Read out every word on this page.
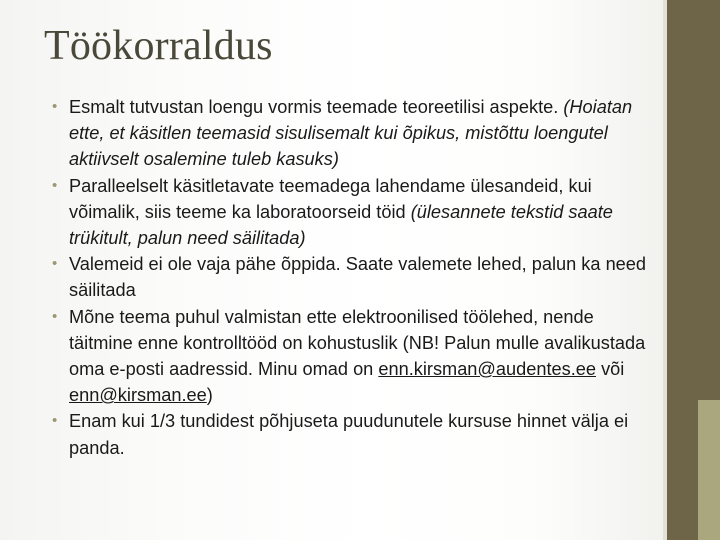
Töökorraldus
• Esmalt tutvustan loengu vormis teemade teoreetilisi aspekte. (Hoiatan ette, et käsitlen teemasid sisulisemalt kui õpikus, mistõttu loengutel aktiivselt osalemine tuleb kasuks)
• Paralleelselt käsitletavate teemadega lahendame ülesandeid, kui võimalik, siis teeme ka laboratoorseid töid (ülesannete tekstid saate trükitult, palun need säilitada)
• Valemeid ei ole vaja pähe õppida. Saate valemete lehed, palun ka need säilitada
• Mõne teema puhul valmistan ette elektroonilised töölehed, nende täitmine enne kontrolltööd on kohustuslik (NB! Palun mulle avalikustada oma e-posti aadressid. Minu omad on enn.kirsman@audentes.ee või enn@kirsman.ee)
• Enam kui 1/3 tundidest põhjuseta puudunutele kursuse hinnet välja ei panda.
